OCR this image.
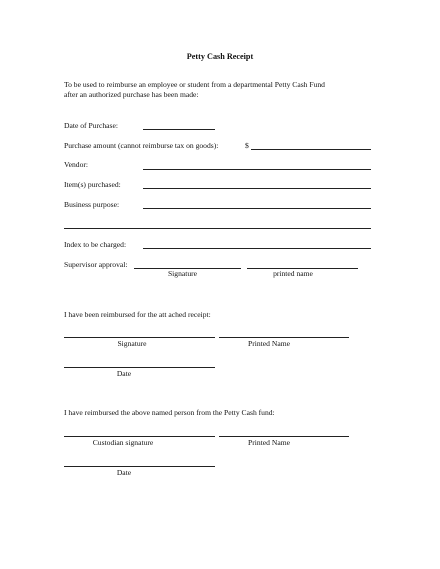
Petty Cash Receipt
To be used to reimburse an employee or student from a departmental Petty Cash Fund
after an authorized purchase has been made:
Date of Purchase:
Purchase amount (cannot reimburse tax on goods):	$
Vendor:
Item(s) purchased:
Business purpose:
Index to be charged:
Supervisor approval:
Signature	printed name
I have been reimbursed for the att ached receipt:
Signature	Printed Name
Date
I have reimbursed the above named person from the Petty Cash fund:
Custodian signature	Printed Name
Date
